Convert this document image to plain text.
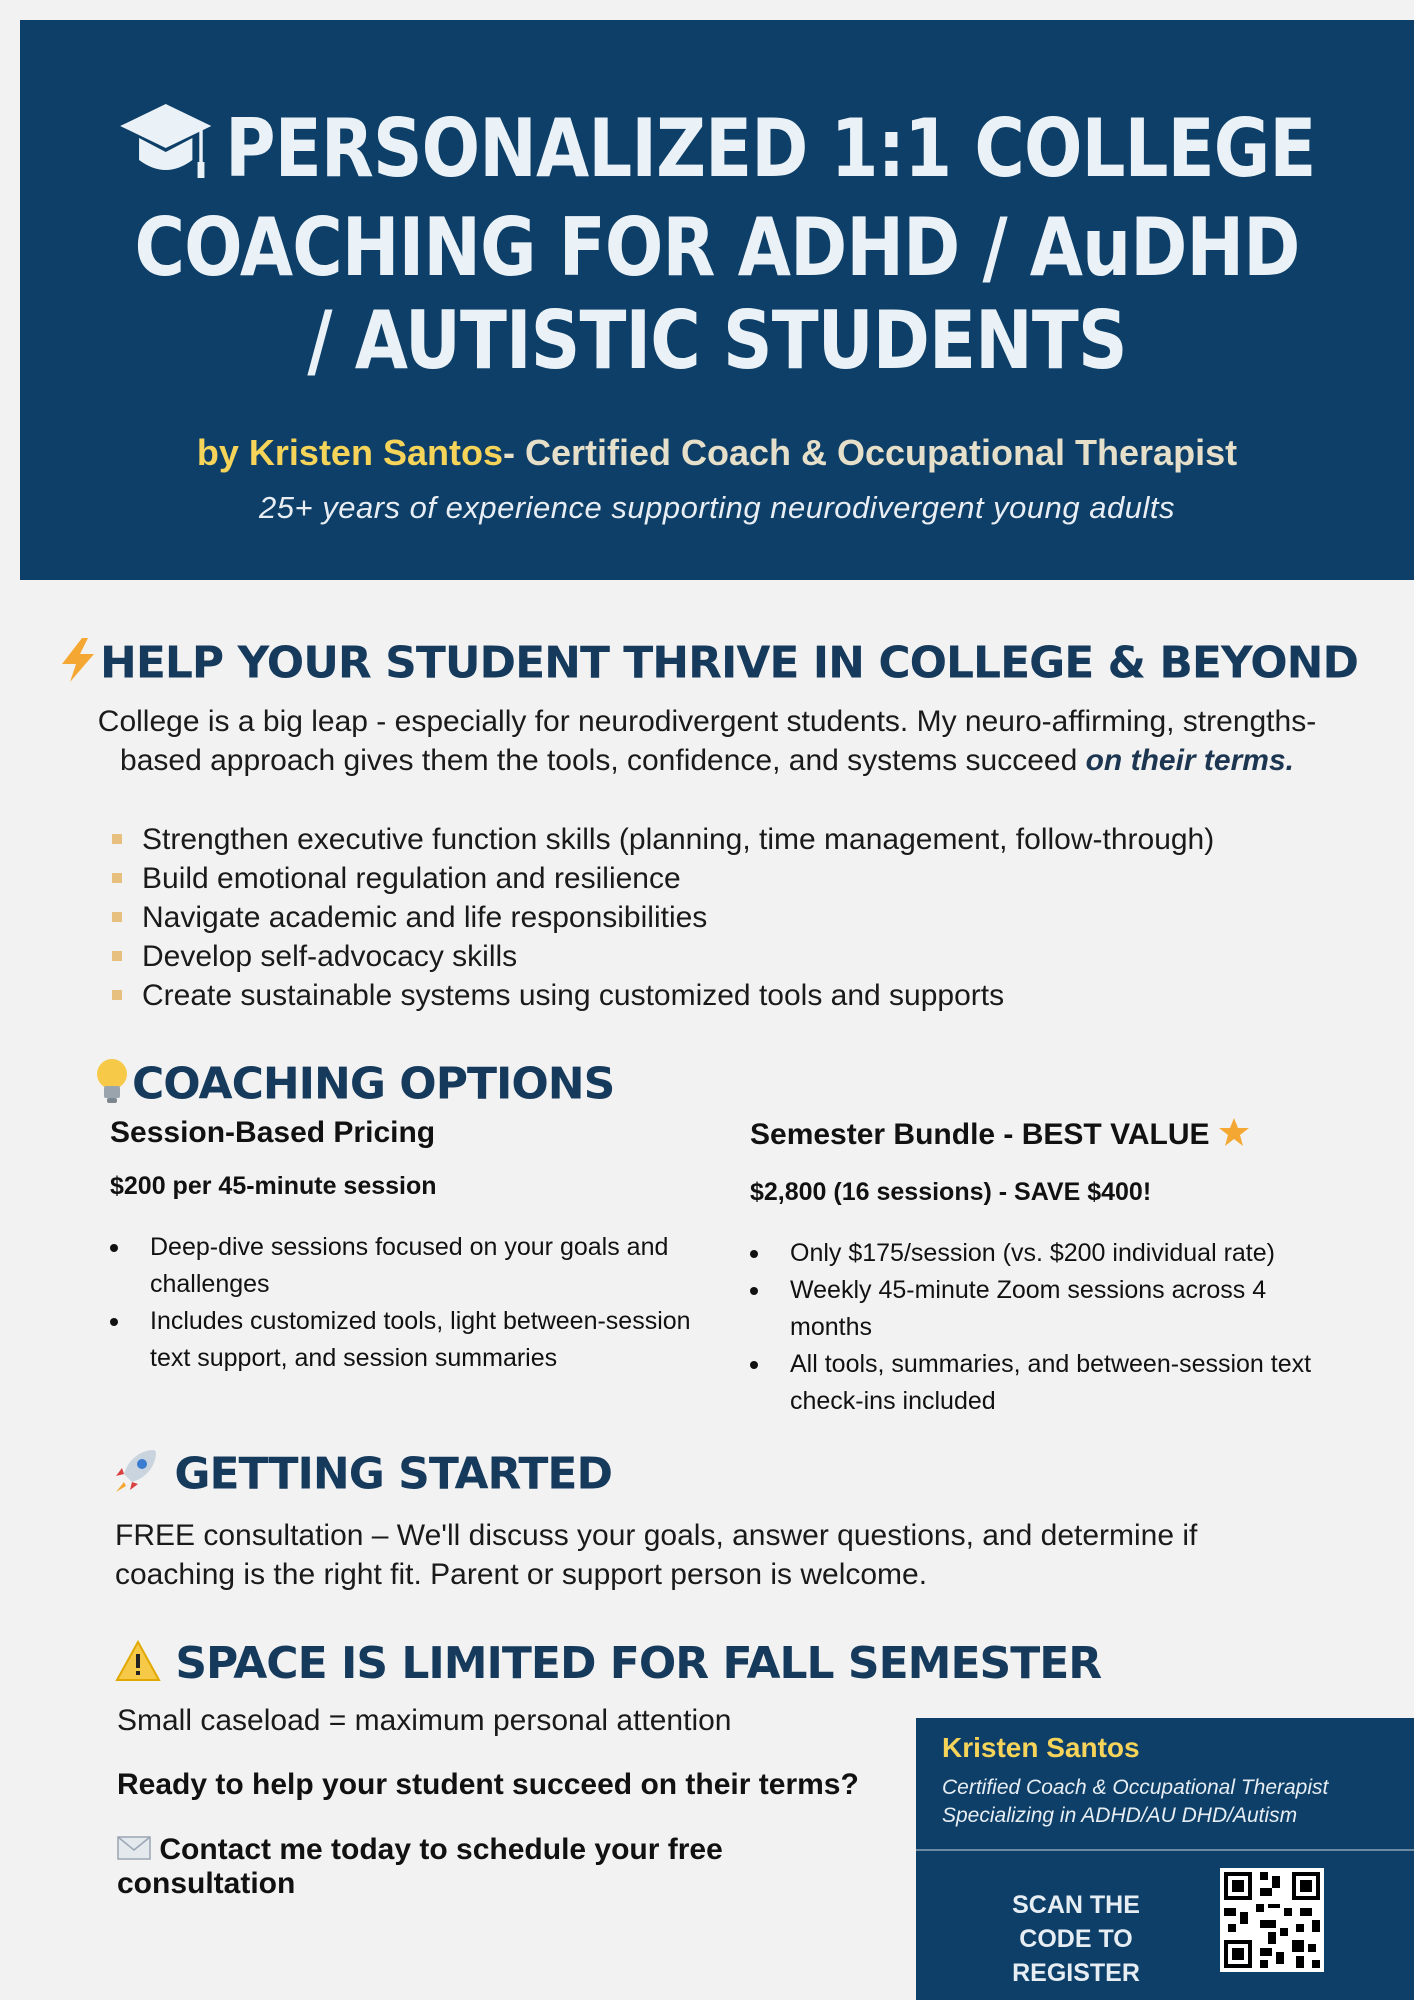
PERSONALIZED 1:1 COLLEGE COACHING FOR ADHD / AuDHD / AUTISTIC STUDENTS
by Kristen Santos- Certified Coach & Occupational Therapist
25+ years of experience supporting neurodivergent young adults
HELP YOUR STUDENT THRIVE IN COLLEGE & BEYOND
College is a big leap - especially for neurodivergent students. My neuro-affirming, strengths-based approach gives them the tools, confidence, and systems succeed on their terms.
Strengthen executive function skills (planning, time management, follow-through)
Build emotional regulation and resilience
Navigate academic and life responsibilities
Develop self-advocacy skills
Create sustainable systems using customized tools and supports
COACHING OPTIONS
Session-Based Pricing
$200 per 45-minute session
Deep-dive sessions focused on your goals and challenges
Includes customized tools, light between-session text support, and session summaries
Semester Bundle - BEST VALUE
$2,800 (16 sessions) - SAVE $400!
Only $175/session (vs. $200 individual rate)
Weekly 45-minute Zoom sessions across 4 months
All tools, summaries, and between-session text check-ins included
GETTING STARTED
FREE consultation – We'll discuss your goals, answer questions, and determine if coaching is the right fit. Parent or support person is welcome.
SPACE IS LIMITED FOR FALL SEMESTER
Small caseload = maximum personal attention
Ready to help your student succeed on their terms?
Contact me today to schedule your free consultation
Kristen Santos
Certified Coach & Occupational Therapist
Specializing in ADHD/AU DHD/Autism
SCAN THE CODE TO REGISTER
